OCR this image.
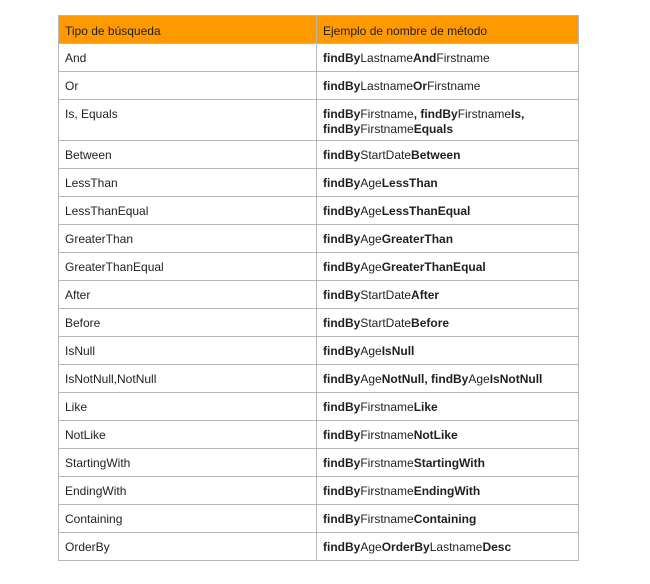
Tipo de búsqueda	Ejemplo de nombre de método
And	findByLastnameAndFirstname
Or	findByLastnameOrFirstname
Is, Equals	findByFirstname, findByFirstnameIs, findByFirstnameEquals
Between	findByStartDateBetween
LessThan	findByAgeLessThan
LessThanEqual	findByAgeLessThanEqual
GreaterThan	findByAgeGreaterThan
GreaterThanEqual	findByAgeGreaterThanEqual
After	findByStartDateAfter
Before	findByStartDateBefore
IsNull	findByAgeIsNull
IsNotNull,NotNull	findByAgeNotNull, findByAgeIsNotNull
Like	findByFirstnameLike
NotLike	findByFirstnameNotLike
StartingWith	findByFirstnameStartingWith
EndingWith	findByFirstnameEndingWith
Containing	findByFirstnameContaining
OrderBy	findByAgeOrderByLastnameDesc
